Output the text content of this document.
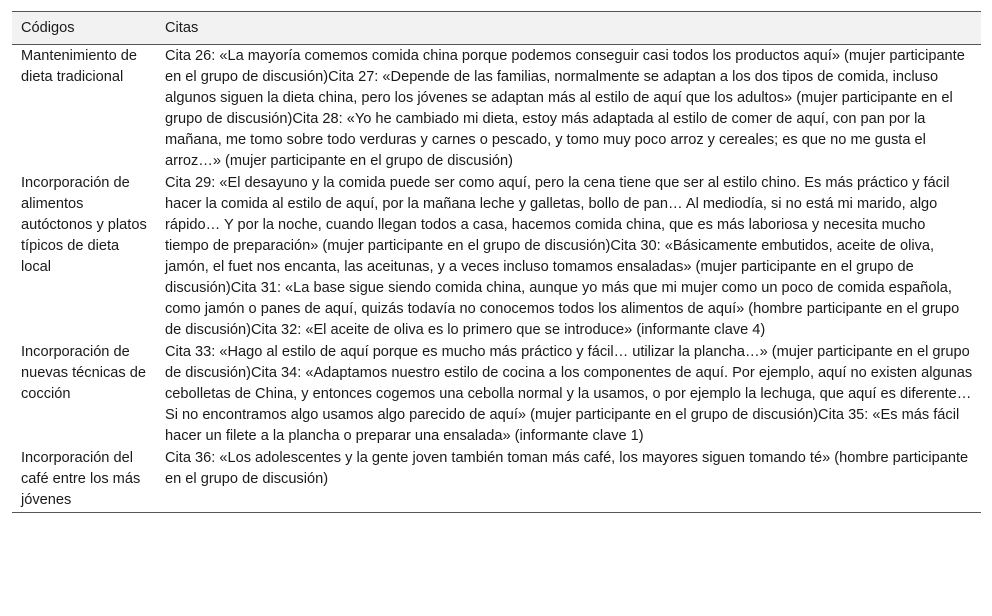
Códigos	Citas
Mantenimiento de dieta tradicional	Cita 26: «La mayoría comemos comida china porque podemos conseguir casi todos los productos aquí» (mujer participante en el grupo de discusión)Cita 27: «Depende de las familias, normalmente se adaptan a los dos tipos de comida, incluso algunos siguen la dieta china, pero los jóvenes se adaptan más al estilo de aquí que los adultos» (mujer participante en el grupo de discusión)Cita 28: «Yo he cambiado mi dieta, estoy más adaptada al estilo de comer de aquí, con pan por la mañana, me tomo sobre todo verduras y carnes o pescado, y tomo muy poco arroz y cereales; es que no me gusta el arroz…» (mujer participante en el grupo de discusión)
Incorporación de alimentos autóctonos y platos típicos de dieta local	Cita 29: «El desayuno y la comida puede ser como aquí, pero la cena tiene que ser al estilo chino. Es más práctico y fácil hacer la comida al estilo de aquí, por la mañana leche y galletas, bollo de pan… Al mediodía, si no está mi marido, algo rápido… Y por la noche, cuando llegan todos a casa, hacemos comida china, que es más laboriosa y necesita mucho tiempo de preparación» (mujer participante en el grupo de discusión)Cita 30: «Básicamente embutidos, aceite de oliva, jamón, el fuet nos encanta, las aceitunas, y a veces incluso tomamos ensaladas» (mujer participante en el grupo de discusión)Cita 31: «La base sigue siendo comida china, aunque yo más que mi mujer como un poco de comida española, como jamón o panes de aquí, quizás todavía no conocemos todos los alimentos de aquí» (hombre participante en el grupo de discusión)Cita 32: «El aceite de oliva es lo primero que se introduce» (informante clave 4)
Incorporación de nuevas técnicas de cocción	Cita 33: «Hago al estilo de aquí porque es mucho más práctico y fácil… utilizar la plancha…» (mujer participante en el grupo de discusión)Cita 34: «Adaptamos nuestro estilo de cocina a los componentes de aquí. Por ejemplo, aquí no existen algunas cebolletas de China, y entonces cogemos una cebolla normal y la usamos, o por ejemplo la lechuga, que aquí es diferente… Si no encontramos algo usamos algo parecido de aquí» (mujer participante en el grupo de discusión)Cita 35: «Es más fácil hacer un filete a la plancha o preparar una ensalada» (informante clave 1)
Incorporación del café entre los más jóvenes	Cita 36: «Los adolescentes y la gente joven también toman más café, los mayores siguen tomando té» (hombre participante en el grupo de discusión)
